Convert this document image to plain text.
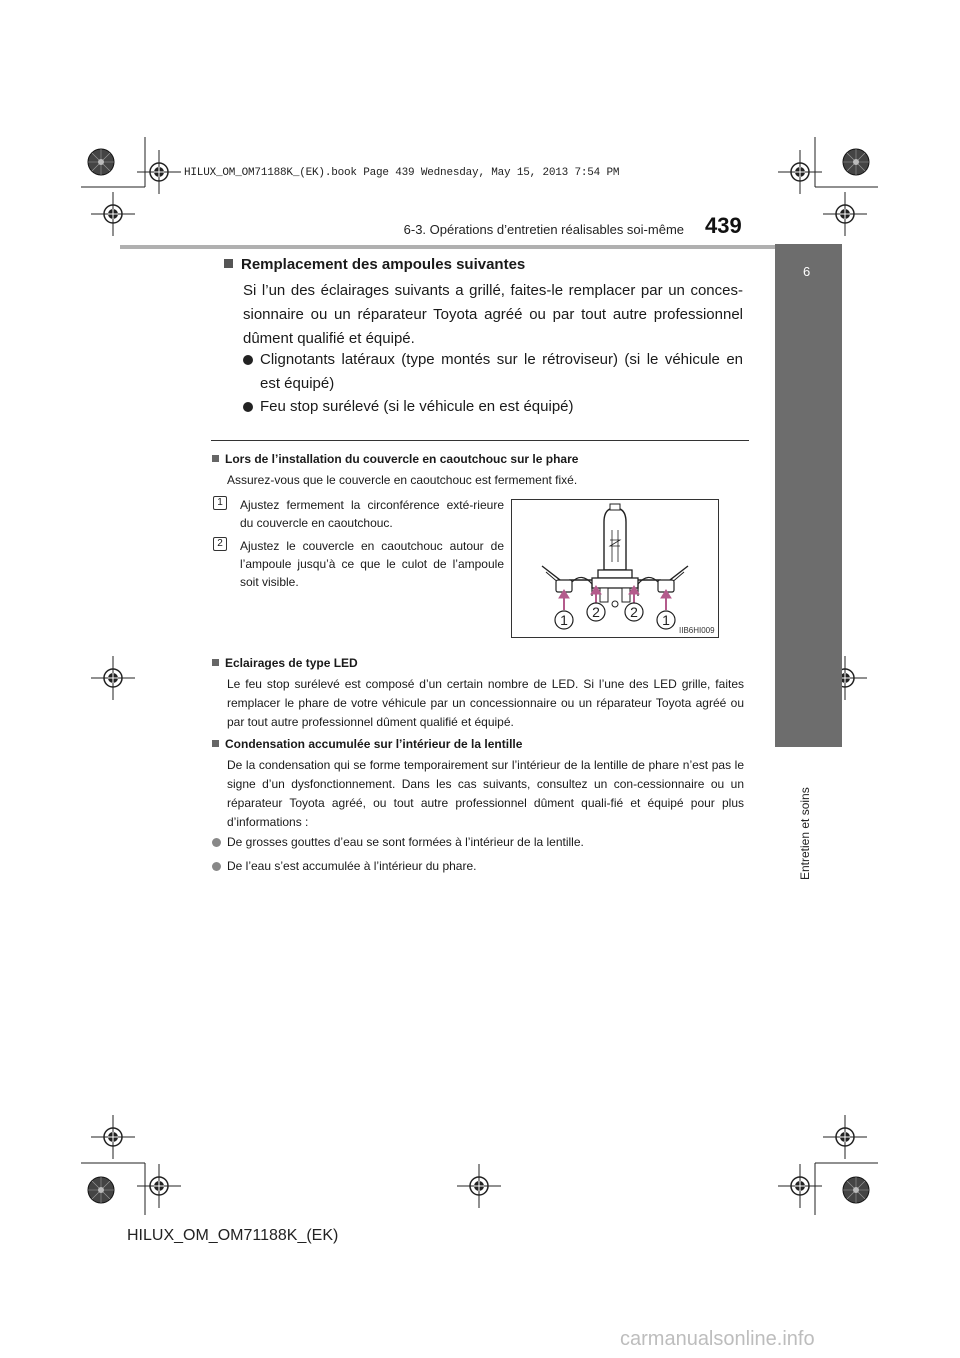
HILUX_OM_OM71188K_(EK).book Page 439 Wednesday, May 15, 2013 7:54 PM
6-3. Opérations d’entretien réalisables soi-même 439
6
Entretien et soins
Remplacement des ampoules suivantes
Si l’un des éclairages suivants a grillé, faites-le remplacer par un conces-sionnaire ou un réparateur Toyota agréé ou par tout autre professionnel dûment qualifié et équipé.
Clignotants latéraux (type montés sur le rétroviseur) (si le véhicule en est équipé)
Feu stop surélevé (si le véhicule en est équipé)
Lors de l’installation du couvercle en caoutchouc sur le phare
Assurez-vous que le couvercle en caoutchouc est fermement fixé.
1	Ajustez fermement la circonférence exté-rieure du couvercle en caoutchouc.
2	Ajustez le couvercle en caoutchouc autour de l’ampoule jusqu’à ce que le culot de l’ampoule soit visible.
1 2 2 1
IIB6HI009
Eclairages de type LED
Le feu stop surélevé est composé d’un certain nombre de LED. Si l’une des LED grille, faites remplacer le phare de votre véhicule par un concessionnaire ou un réparateur Toyota agréé ou par tout autre professionnel dûment qualifié et équipé.
Condensation accumulée sur l’intérieur de la lentille
De la condensation qui se forme temporairement sur l’intérieur de la lentille de phare n’est pas le signe d’un dysfonctionnement. Dans les cas suivants, consultez un con-cessionnaire ou un réparateur Toyota agréé, ou tout autre professionnel dûment quali-fié et équipé pour plus d’informations :
De grosses gouttes d’eau se sont formées à l’intérieur de la lentille.
De l’eau s’est accumulée à l’intérieur du phare.
HILUX_OM_OM71188K_(EK)
carmanualsonline.info
